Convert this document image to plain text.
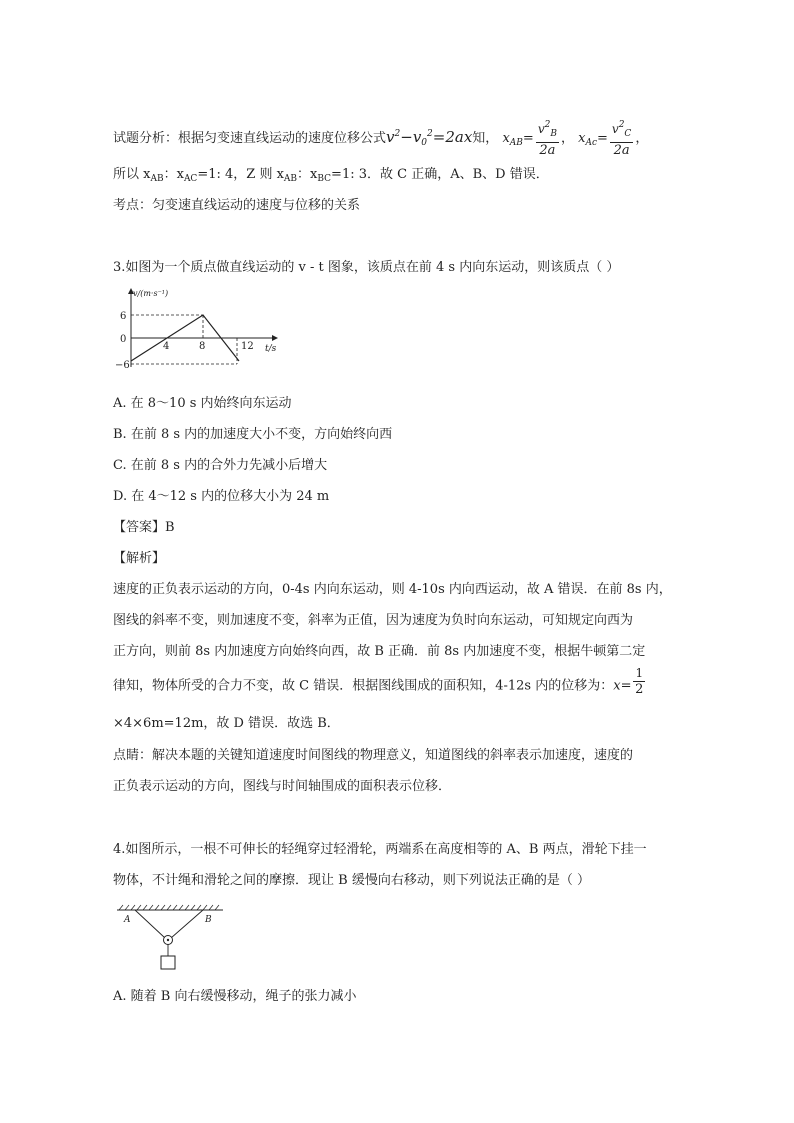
试题分析：根据匀变速直线运动的速度位移公式$v^2-v_0^2=2ax$知， $x_{AB}= \frac{v^2_B}{2a}$ ， $x_{Ac}= \frac{v^2_C}{2a}$ ，
所以 $x_{AB}$：$x_{AC}=1$: 4，Z 则 $x_{AB}$：$x_{BC}=1$: 3．故 C 正确，A、B、D 错误．
考点：匀变速直线运动的速度与位移的关系
3.如图为一个质点做直线运动的 v - t 图象，该质点在前 4 s 内向东运动，则该质点（ ）
v/(m·s⁻¹)
t/s
6
0
−6
4	8	12
A. 在 8～10 s 内始终向东运动
B. 在前 8 s 内的加速度大小不变，方向始终向西
C. 在前 8 s 内的合外力先减小后增大
D. 在 4～12 s 内的位移大小为 24 m
【答案】B
【解析】
速度的正负表示运动的方向，0-4s 内向东运动，则 4-10s 内向西运动，故 A 错误．在前 8s 内，
图线的斜率不变，则加速度不变，斜率为正值，因为速度为负时向东运动，可知规定向西为
正方向，则前 8s 内加速度方向始终向西，故 B 正确．前 8s 内加速度不变，根据牛顿第二定
律知，物体所受的合力不变，故 C 错误．根据图线围成的面积知，4-12s 内的位移为：$x= \frac{1}{2}$
×4×6m=12m，故 D 错误．故选 B．
点睛：解决本题的关键知道速度时间图线的物理意义，知道图线的斜率表示加速度，速度的
正负表示运动的方向，图线与时间轴围成的面积表示位移．
4.如图所示，一根不可伸长的轻绳穿过轻滑轮，两端系在高度相等的 A、B 两点，滑轮下挂一
物体，不计绳和滑轮之间的摩擦．现让 B 缓慢向右移动，则下列说法正确的是（ ）
A	B
A. 随着 B 向右缓慢移动，绳子的张力减小
